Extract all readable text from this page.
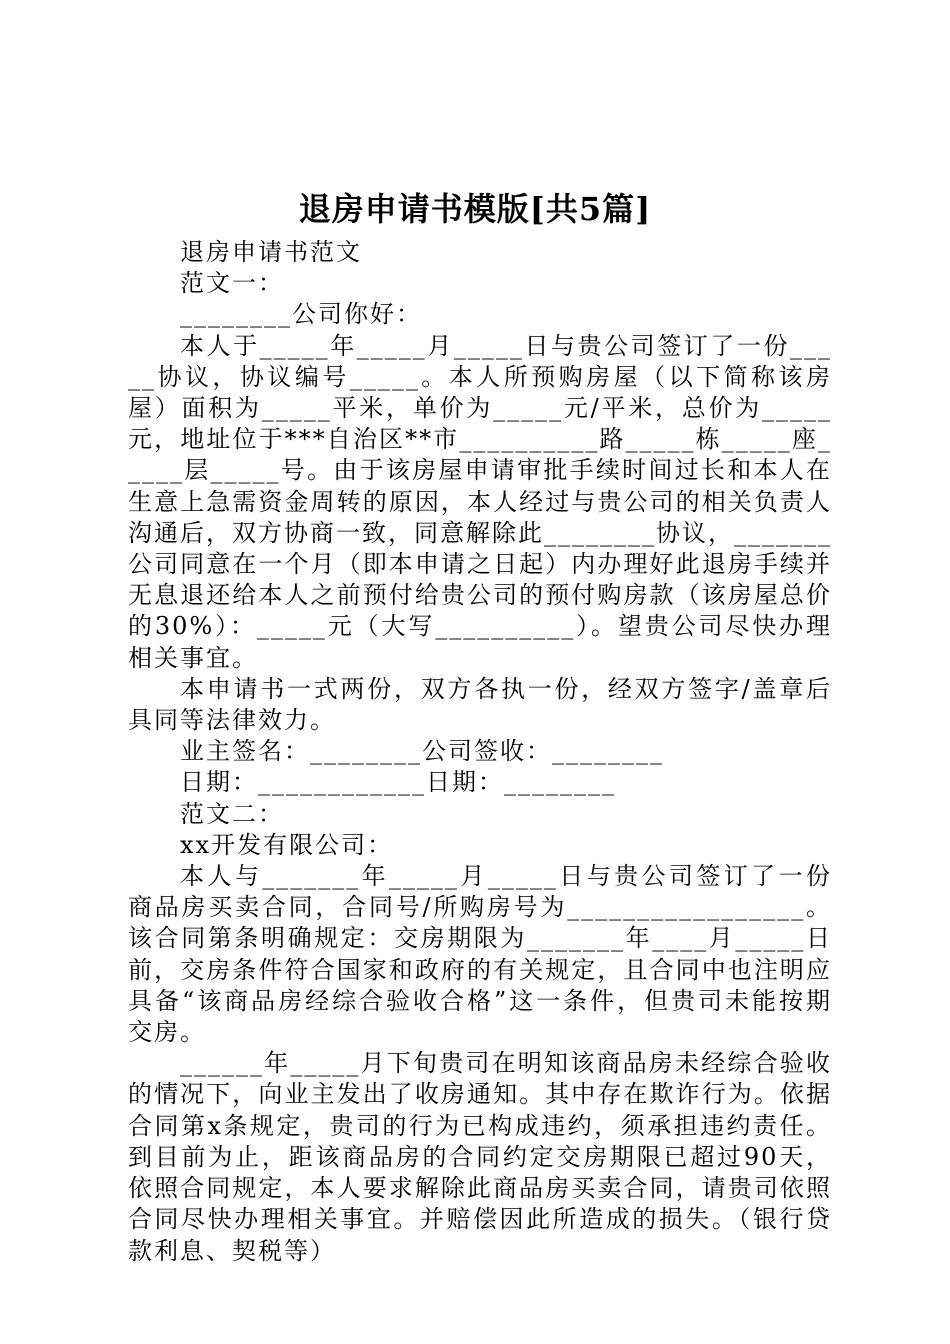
退房申请书模版[共5篇]

退房申请书范文

范文一：

________公司你好：

本人于_____年_____月_____日与贵公司签订了一份_____协议，协议编号_____。本人所预购房屋（以下简称该房屋）面积为_____平米，单价为_____元/平米，总价为_____元，地址位于***自治区**市__________路_____栋_____座_____层_____号。由于该房屋申请审批手续时间过长和本人在生意上急需资金周转的原因，本人经过与贵公司的相关负责人沟通后，双方协商一致，同意解除此________协议，_______公司同意在一个月（即本申请之日起）内办理好此退房手续并无息退还给本人之前预付给贵公司的预付购房款（该房屋总价的30%）：_____元（大写__________）。望贵公司尽快办理相关事宜。

本申请书一式两份，双方各执一份，经双方签字/盖章后具同等法律效力。

业主签名：________公司签收：________

日期：____________日期：________

范文二：

xx开发有限公司：

本人与_______年_____月_____日与贵公司签订了一份商品房买卖合同，合同号/所购房号为_________________。该合同第条明确规定：交房期限为_______年____月_____日前，交房条件符合国家和政府的有关规定，且合同中也注明应具备“该商品房经综合验收合格”这一条件，但贵司未能按期交房。

______年_____月下旬贵司在明知该商品房未经综合验收的情况下，向业主发出了收房通知。其中存在欺诈行为。依据合同第x条规定，贵司的行为已构成违约，须承担违约责任。到目前为止，距该商品房的合同约定交房期限已超过90天，依照合同规定，本人要求解除此商品房买卖合同，请贵司依照合同尽快办理相关事宜。并赔偿因此所造成的损失。（银行贷款利息、契税等）
